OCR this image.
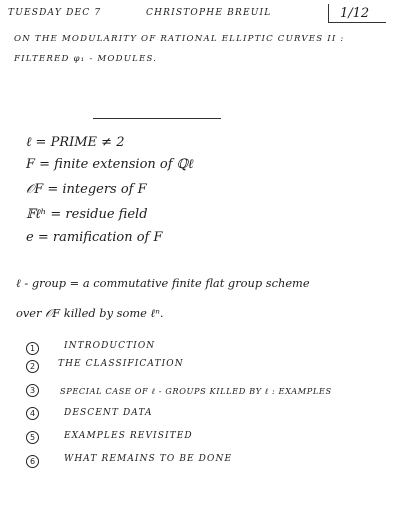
TUESDAY DEC 7	CHRISTOPHE BREUIL	1/12
ON THE MODULARITY OF RATIONAL ELLIPTIC CURVES II :
FILTERED φ₁ - MODULES.
ℓ = PRIME ≠ 2
F = finite extension of ℚℓ
𝒪F = integers of F
𝔽ℓʰ = residue field
e = ramification of F
ℓ - group = a commutative finite flat group scheme
over 𝒪F killed by some ℓⁿ.
1	INTRODUCTION
2	THE CLASSIFICATION
3	SPECIAL CASE OF ℓ - GROUPS KILLED BY ℓ : EXAMPLES
4	DESCENT DATA
5	EXAMPLES REVISITED
6	WHAT REMAINS TO BE DONE
